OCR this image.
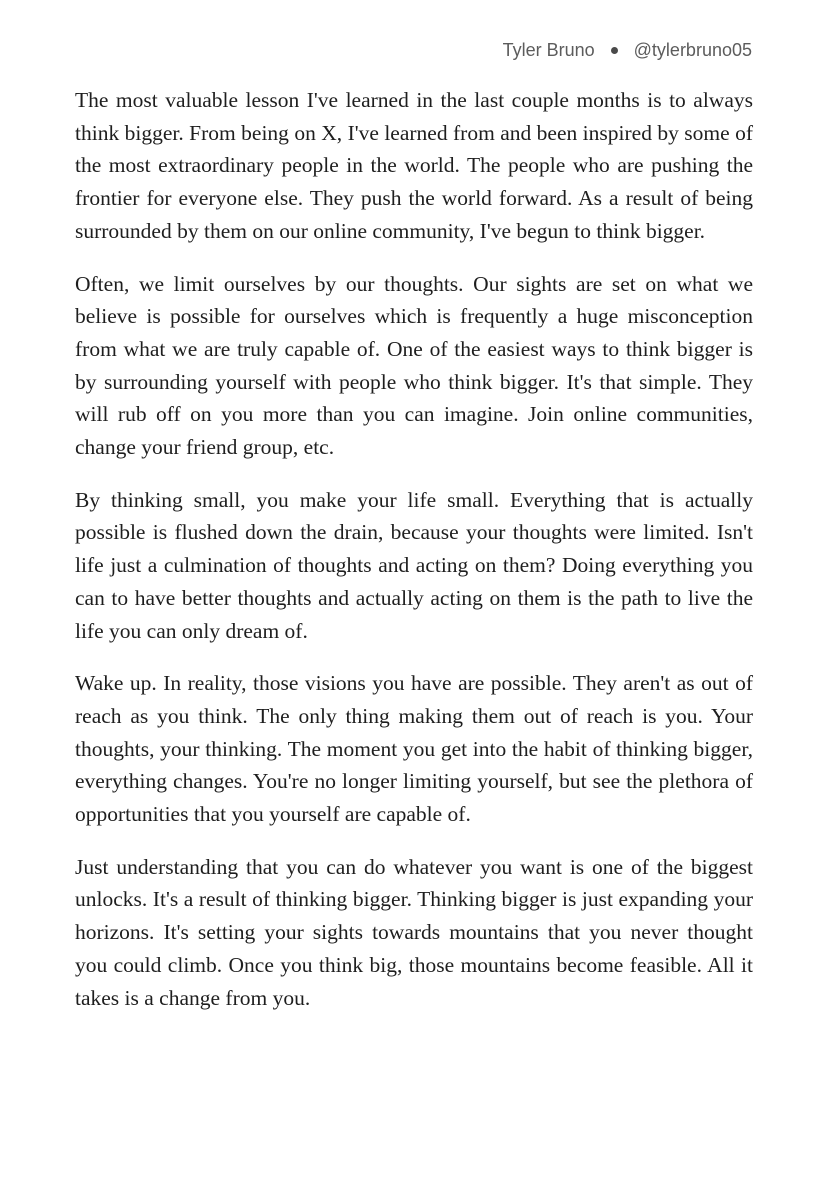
Tyler Bruno @tylerbruno05

The most valuable lesson I've learned in the last couple months is to always think bigger. From being on X, I've learned from and been inspired by some of the most extraordinary people in the world. The people who are pushing the frontier for everyone else. They push the world forward. As a result of being surrounded by them on our online community, I've begun to think bigger.

Often, we limit ourselves by our thoughts. Our sights are set on what we believe is possible for ourselves which is frequently a huge misconception from what we are truly capable of. One of the easiest ways to think bigger is by surrounding yourself with people who think bigger. It's that simple. They will rub off on you more than you can imagine. Join online communities, change your friend group, etc.

By thinking small, you make your life small. Everything that is actually possible is flushed down the drain, because your thoughts were limited. Isn't life just a culmination of thoughts and acting on them? Doing everything you can to have better thoughts and actually acting on them is the path to live the life you can only dream of.

Wake up. In reality, those visions you have are possible. They aren't as out of reach as you think. The only thing making them out of reach is you. Your thoughts, your thinking. The moment you get into the habit of thinking bigger, everything changes. You're no longer limiting yourself, but see the plethora of opportunities that you yourself are capable of.

Just understanding that you can do whatever you want is one of the biggest unlocks. It's a result of thinking bigger. Thinking bigger is just expanding your horizons. It's setting your sights towards mountains that you never thought you could climb. Once you think big, those mountains become feasible. All it takes is a change from you.
